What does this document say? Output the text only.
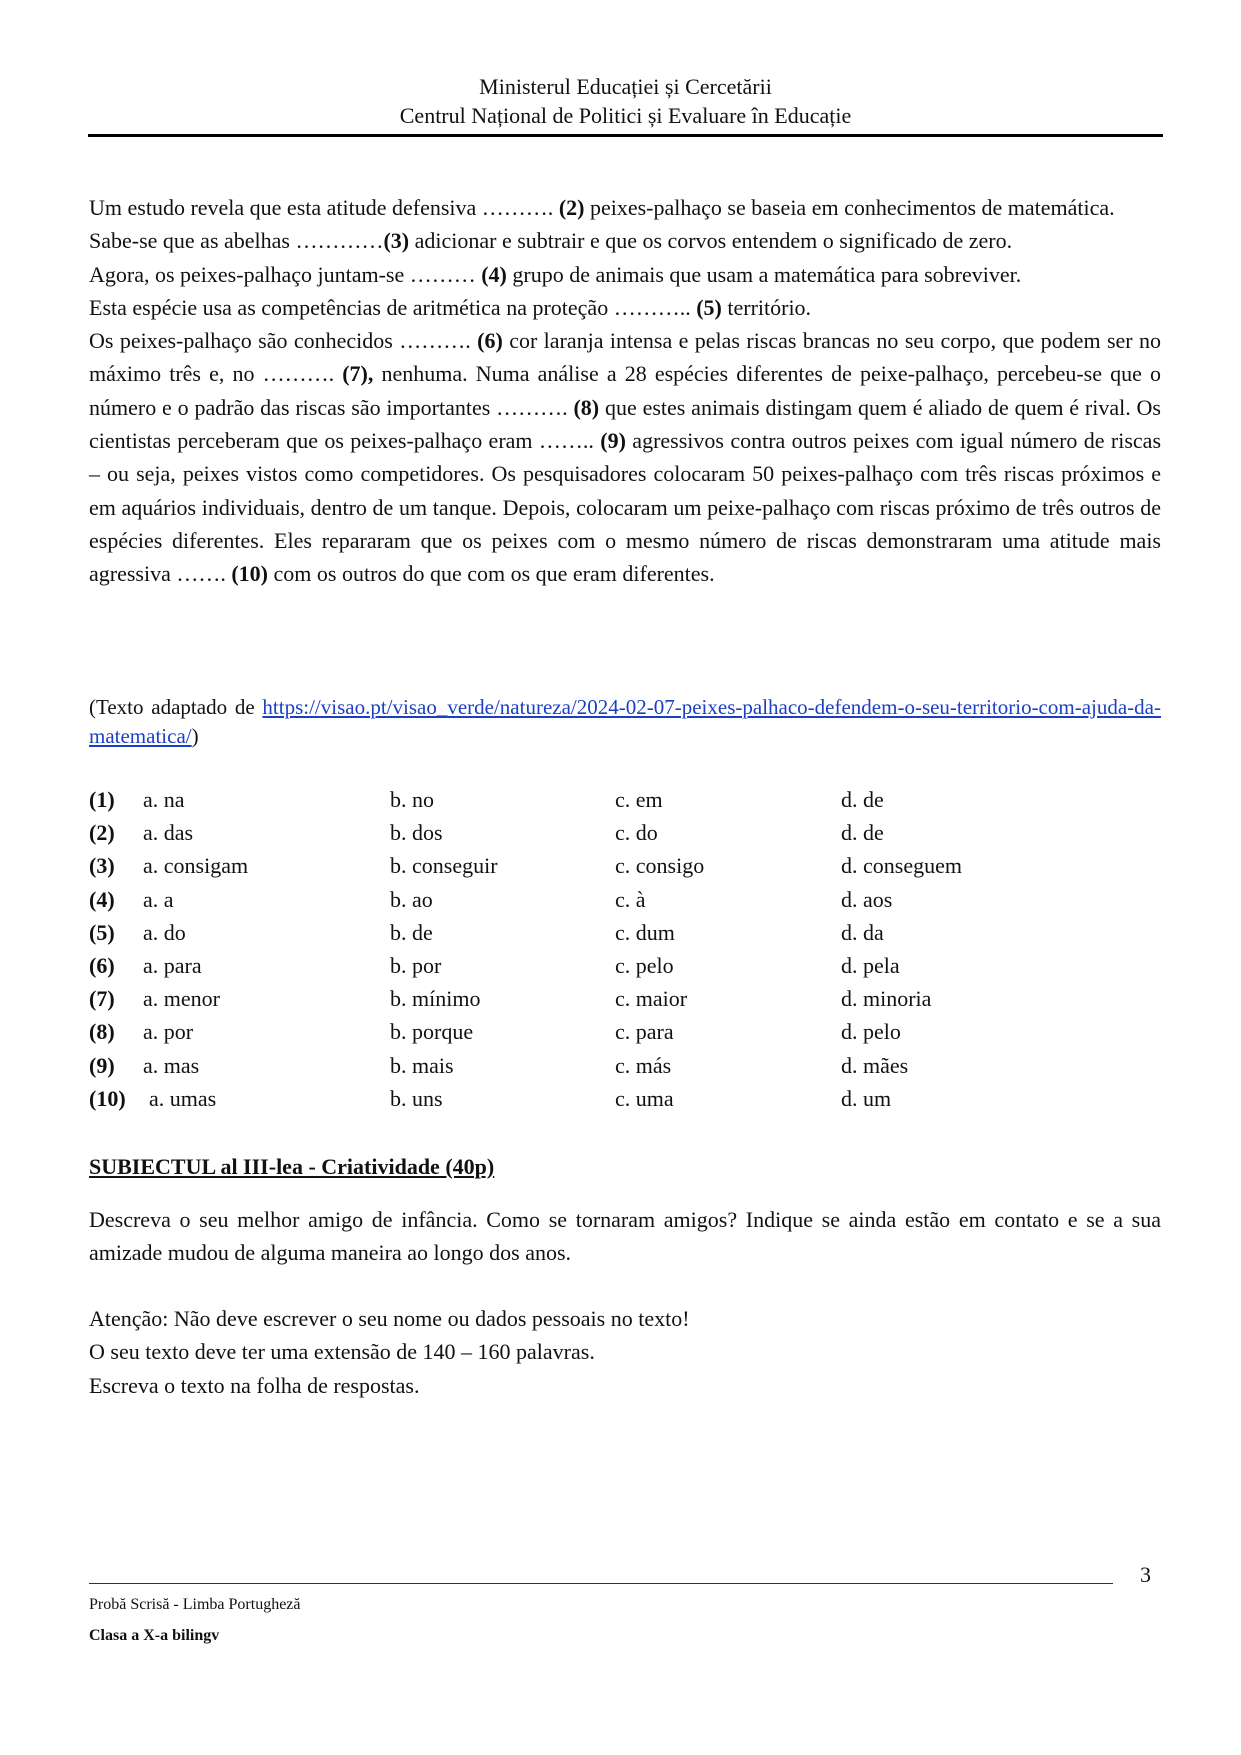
Ministerul Educației și Cercetării
Centrul Național de Politici și Evaluare în Educație

Um estudo revela que esta atitude defensiva ………. (2) peixes-palhaço se baseia em conhecimentos de matemática.

Sabe-se que as abelhas …………(3) adicionar e subtrair e que os corvos entendem o significado de zero.

Agora, os peixes-palhaço juntam-se ……… (4) grupo de animais que usam a matemática para sobreviver.

Esta espécie usa as competências de aritmética na proteção ……….. (5) território.

Os peixes-palhaço são conhecidos ………. (6) cor laranja intensa e pelas riscas brancas no seu corpo, que podem ser no máximo três e, no ………. (7), nenhuma. Numa análise a 28 espécies diferentes de peixe-palhaço, percebeu-se que o número e o padrão das riscas são importantes ………. (8) que estes animais distingam quem é aliado de quem é rival. Os cientistas perceberam que os peixes-palhaço eram …….. (9) agressivos contra outros peixes com igual número de riscas – ou seja, peixes vistos como competidores. Os pesquisadores colocaram 50 peixes-palhaço com três riscas próximos e em aquários individuais, dentro de um tanque. Depois, colocaram um peixe-palhaço com riscas próximo de três outros de espécies diferentes. Eles repararam que os peixes com o mesmo número de riscas demonstraram uma atitude mais agressiva ……. (10) com os outros do que com os que eram diferentes.

(Texto adaptado de https://visao.pt/visao_verde/natureza/2024-02-07-peixes-palhaco-defendem-o-seu-territorio-com-ajuda-da-matematica/)
(1) a. na	b. no	c. em	d. de
(2) a. das	b. dos	c. do	d. de
(3) a. consigam	b. conseguir	c. consigo	d. conseguem
(4) a. a	b. ao	c. à	d. aos
(5) a. do	b. de	c. dum	d. da
(6) a. para	b. por	c. pelo	d. pela
(7) a. menor	b. mínimo	c. maior	d. minoria
(8) a. por	b. porque	c. para	d. pelo
(9) a. mas	b. mais	c. más	d. mães
(10) a. umas	b. uns	c. uma	d. um
SUBIECTUL al III-lea - Criatividade (40p)
Descreva o seu melhor amigo de infância. Como se tornaram amigos? Indique se ainda estão em contato e se a sua amizade mudou de alguma maneira ao longo dos anos.
Atenção: Não deve escrever o seu nome ou dados pessoais no texto!
O seu texto deve ter uma extensão de 140 – 160 palavras.
Escreva o texto na folha de respostas.
3
Probă Scrisă - Limba Portugheză
Clasa a X-a bilingv
